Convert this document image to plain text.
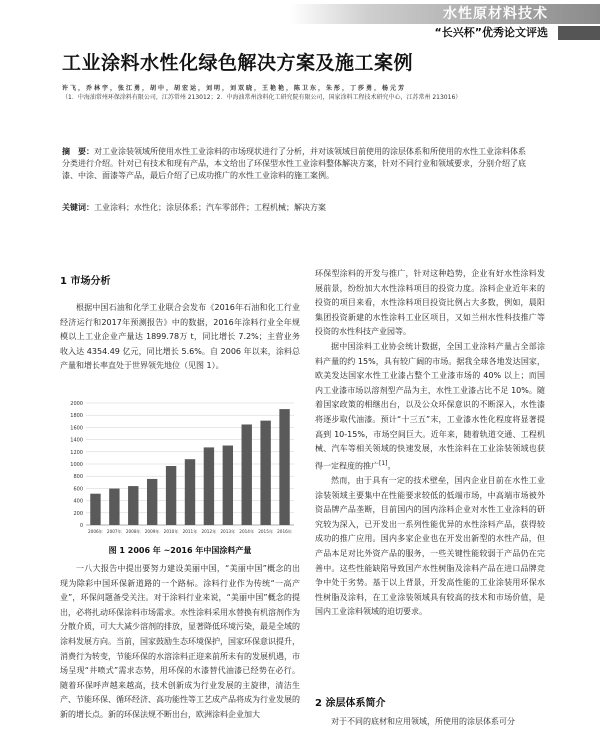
水性原材料技术
“长兴杯”优秀论文评选
工业涂料水性化绿色解决方案及施工案例
许飞，乔林宇，张江勇，胡中，胡宏运，刘明，刘双晓，王艳艳，陈卫东，朱彤，丁莎勇，杨元芳
（1．中海油常州环保涂料有限公司，江苏常州 213012；2．中海油常州涂料化工研究院有限公司，国家涂料工程技术研究中心，江苏常州 213016）

摘　要：对工业涂装领域所使用水性工业涂料的市场现状进行了分析，并对该领域目前使用的涂层体系和所使用的水性工业涂料体系分类进行介绍。针对已有技术和现有产品，本文给出了环保型水性工业涂料整体解决方案，针对不同行业和领域要求，分别介绍了底漆、中涂、面漆等产品，最后介绍了已成功推广的水性工业涂料的施工案例。

关键词：工业涂料；水性化；涂层体系；汽车零部件；工程机械；解决方案
1 市场分析

根据中国石油和化学工业联合会发布《2016年石油和化工行业经济运行和2017年预测报告》中的数据，2016年涂料行业全年规模以上工业企业产量达 1899.78万 t，同比增长 7.2%；主营业务收入达 4354.49 亿元，同比增长 5.6%。自 2006 年以来，涂料总产量和增长率直处于世界领先地位（见图 1）。

0
200
400
600
800
1000
1200
1400
1600
1800
2000
2006年 2007年 2008年 2009年 2010年 2011年 2012年 2013年 2014年 2015年 2016年
图 1 2006 年 ~2016 年中国涂料产量

一八大报告中提出要努力建设美丽中国，“美丽中国”概念的出现为除彩中国环保新道路的一个路标。涂料行业作为传统“一高产业”，环保问题备受关注。对于涂料行业来说，“美丽中国”概念的提出，必将扎动环保涂料市场需求。水性涂料采用水替换有机溶剂作为分散介质，可大大减少溶剂的排放，显著降低环境污染，最是全域的涂料发展方向。当前，国家鼓励生态环境保护，国家环保意识提升，消费行为转变，节能环保的水溶涂料正迎来前所未有的发展机遇，市场呈现“井喷式”需求态势，用环保的水漆替代油漆已经势在必行。随着环保呼声越来越高，技术创新成为行业发展的主旋律，清洁生产、节能环保、循环经济、高功能性等工艺成产品将成为行业发展的新的增长点。新的环保法规不断出台，欧洲涂料企业加大

环保型涂料的开发与推广，针对这种趋势，企业有好水性涂料发展前景，纷纷加大水性涂料项目的投资力度。涂料企业近年来的投资的项目来看，水性涂料项目投资比例占大多数，例如，晨阳集团投资新建的水性涂料工业区项目，又如兰州水性科技推广等投资的水性科技产业园等。

据中国涂料工业协会统计数据，全国工业涂料产量占全部涂料产量的约 15%，具有较广阔的市场。据我全球各地发达国家，欧美发达国家水性工业漆占整个工业漆市场的 40% 以上；而国内工业漆市场以溶剂型产品为主，水性工业漆占比不足 10%。随着国家政策的相继出台，以及公众环保意识的不断深入，水性漆将逐步取代油漆。预计“十三五”末，工业漆水性化程度将显著提高到 10-15%，市场空间巨大。近年来，随着轨道交通、工程机械、汽车等相关领域的快速发展，水性涂料在工业涂装领域也获得一定程度的推广[1]。

然而，由于具有一定的技术壁垒，国内企业目前在水性工业涂装领域主要集中在性能要求较低的低端市场，中高端市场被外资品牌产品垄断，目前国内的国内涂料企业对水性工业涂料的研究较为深入，已开发出一系列性能优异的水性涂料产品，获得较成功的推广应用。国内多家企业也在开发出新型的水性产品，但产品本足对比外资产品的服务，一些关键性能较弱于产品仍在完善中。这些性能缺陷导致国产水性树脂及涂料产品在进口品牌竞争中处于劣势。基于以上背景，开发高性能的工业涂装用环保水性树脂及涂料，在工业涂装领域具有较高的技术和市场价值，是国内工业涂料领域的迫切要求。

2 涂层体系简介
对于不同的底材和应用领域，所使用的涂层体系可分
